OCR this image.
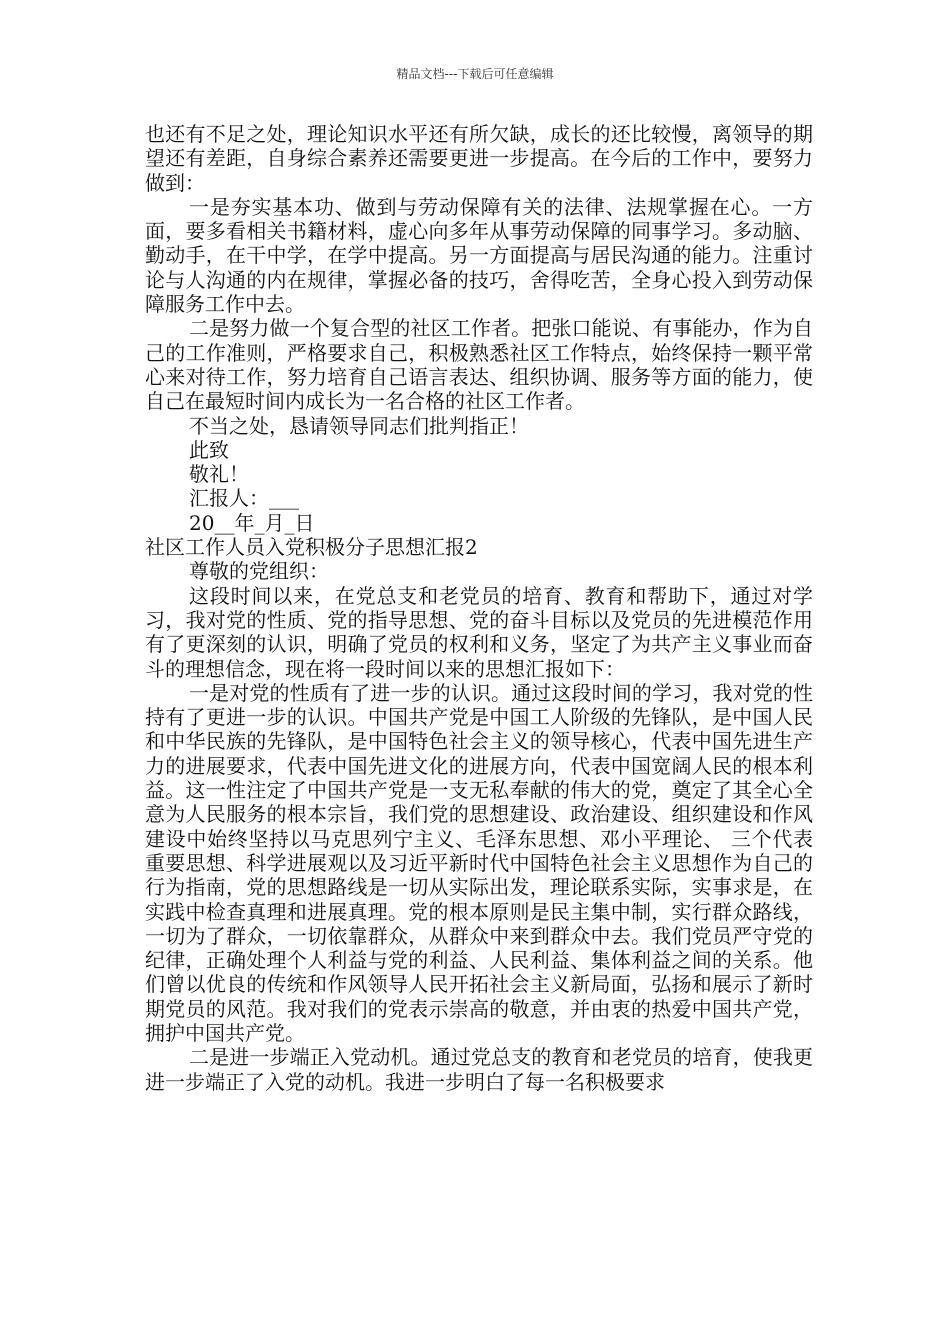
精品文档---下载后可任意编辑

也还有不足之处，理论知识水平还有所欠缺，成长的还比较慢，离领导的期望还有差距，自身综合素养还需要更进一步提高。在今后的工作中，要努力做到：

一是夯实基本功、做到与劳动保障有关的法律、法规掌握在心。一方面，要多看相关书籍材料，虚心向多年从事劳动保障的同事学习。多动脑、勤动手，在干中学，在学中提高。另一方面提高与居民沟通的能力。注重讨论与人沟通的内在规律，掌握必备的技巧，舍得吃苦，全身心投入到劳动保障服务工作中去。

二是努力做一个复合型的社区工作者。把张口能说、有事能办，作为自己的工作准则，严格要求自己，积极熟悉社区工作特点，始终保持一颗平常心来对待工作，努力培育自己语言表达、组织协调、服务等方面的能力，使自己在最短时间内成长为一名合格的社区工作者。

不当之处，恳请领导同志们批判指正！

此致

敬礼！

汇报人：___

20__年_月_日

社区工作人员入党积极分子思想汇报2

尊敬的党组织：

这段时间以来，在党总支和老党员的培育、教育和帮助下，通过对学习，我对党的性质、党的指导思想、党的奋斗目标以及党员的先进模范作用有了更深刻的认识，明确了党员的权利和义务，坚定了为共产主义事业而奋斗的理想信念，现在将一段时间以来的思想汇报如下：

一是对党的性质有了进一步的认识。通过这段时间的学习，我对党的性持有了更进一步的认识。中国共产党是中国工人阶级的先锋队，是中国人民和中华民族的先锋队，是中国特色社会主义的领导核心，代表中国先进生产力的进展要求，代表中国先进文化的进展方向，代表中国宽阔人民的根本利益。这一性注定了中国共产党是一支无私奉献的伟大的党，奠定了其全心全意为人民服务的根本宗旨，我们党的思想建设、政治建设、组织建设和作风建设中始终坚持以马克思列宁主义、毛泽东思想、邓小平理论、 三个代表 重要思想、科学进展观以及习近平新时代中国特色社会主义思想作为自己的行为指南，党的思想路线是一切从实际出发，理论联系实际，实事求是，在实践中检查真理和进展真理。党的根本原则是民主集中制，实行群众路线，一切为了群众，一切依靠群众，从群众中来到群众中去。我们党员严守党的纪律，正确处理个人利益与党的利益、人民利益、集体利益之间的关系。他们曾以优良的传统和作风领导人民开拓社会主义新局面，弘扬和展示了新时期党员的风范。我对我们的党表示崇高的敬意，并由衷的热爱中国共产党，拥护中国共产党。

二是进一步端正入党动机。通过党总支的教育和老党员的培育，使我更进一步端正了入党的动机。我进一步明白了每一名积极要求
